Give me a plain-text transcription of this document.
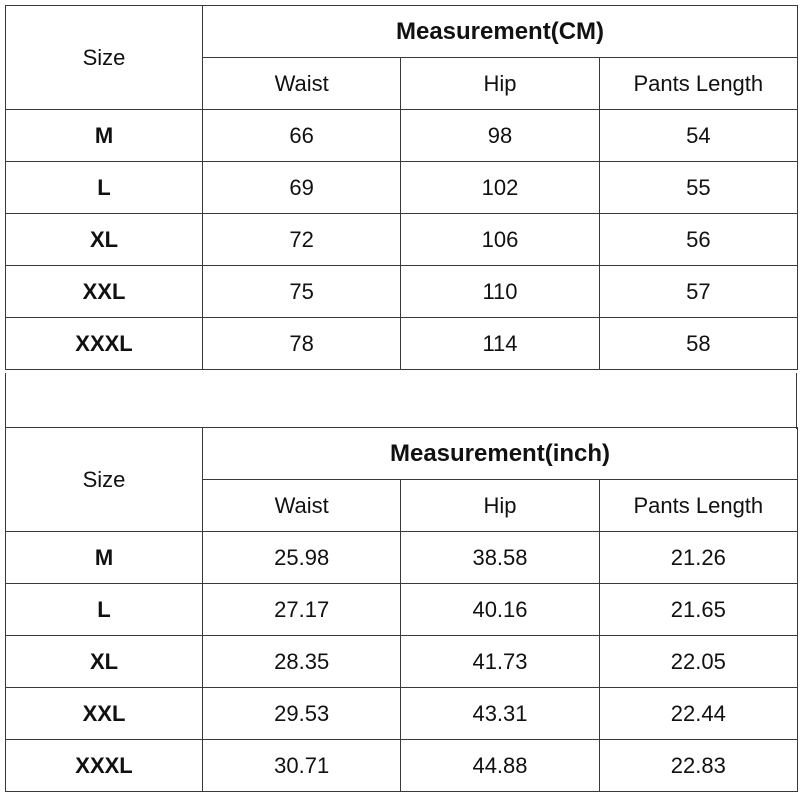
Size	Measurement(CM)		
	Waist	Hip	Pants Length
M	66	98	54
L	69	102	55
XL	72	106	56
XXL	75	110	57
XXXL	78	114	58
Size	Measurement(inch)		
	Waist	Hip	Pants Length
M	25.98	38.58	21.26
L	27.17	40.16	21.65
XL	28.35	41.73	22.05
XXL	29.53	43.31	22.44
XXXL	30.71	44.88	22.83
